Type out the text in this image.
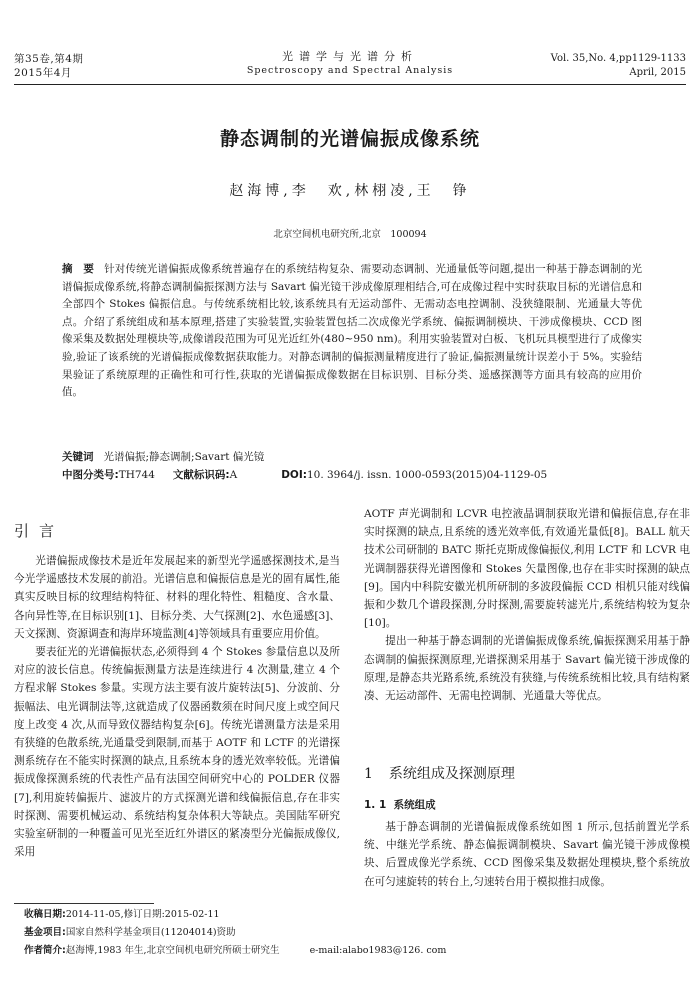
第35卷,第4期
2015年4月
光谱学与光谱分析
Spectroscopy and Spectral Analysis
Vol. 35,No. 4,pp1129-1133
April, 2015
静态调制的光谱偏振成像系统
赵海博,李　欢,林栩凌,王　铮
北京空间机电研究所,北京　100094
摘　要 针对传统光谱偏振成像系统普遍存在的系统结构复杂、需要动态调制、光通量低等问题,提出一种基于静态调制的光谱偏振成像系统,将静态调制偏振探测方法与 Savart 偏光镜干涉成像原理相结合,可在成像过程中实时获取目标的光谱信息和全部四个 Stokes 偏振信息。与传统系统相比较,该系统具有无运动部件、无需动态电控调制、没狭缝限制、光通量大等优点。介绍了系统组成和基本原理,搭建了实验装置,实验装置包括二次成像光学系统、偏振调制模块、干涉成像模块、CCD 图像采集及数据处理模块等,成像谱段范围为可见光近红外(480~950 nm)。利用实验装置对白板、飞机玩具模型进行了成像实验,验证了该系统的光谱偏振成像数据获取能力。对静态调制的偏振测量精度进行了验证,偏振测量统计误差小于 5%。实验结果验证了系统原理的正确性和可行性,获取的光谱偏振成像数据在目标识别、目标分类、遥感探测等方面具有较高的应用价值。
关键词 光谱偏振;静态调制;Savart 偏光镜
中图分类号:TH744 文献标识码:A	DOI:10. 3964/j. issn. 1000-0593(2015)04-1129-05
引言

光谱偏振成像技术是近年发展起来的新型光学遥感探测技术,是当今光学遥感技术发展的前沿。光谱信息和偏振信息是光的固有属性,能真实反映目标的纹理结构特征、材料的理化特性、粗糙度、含水量、各向异性等,在目标识别[1]、目标分类、大气探测[2]、水色遥感[3]、天文探测、资源调查和海岸环境监测[4]等领域具有重要应用价值。

要表征光的光谱偏振状态,必须得到 4 个 Stokes 参量信息以及所对应的波长信息。传统偏振测量方法是连续进行 4 次测量,建立 4 个方程求解 Stokes 参量。实现方法主要有波片旋转法[5]、分波前、分振幅法、电光调制法等,这就造成了仪器函数须在时间尺度上或空间尺度上改变 4 次,从而导致仪器结构复杂[6]。传统光谱测量方法是采用有狭缝的色散系统,光通量受到限制,而基于 AOTF 和 LCTF 的光谱探测系统存在不能实时探测的缺点,且系统本身的透光效率较低。光谱偏振成像探测系统的代表性产品有法国空间研究中心的 POLDER 仪器[7],利用旋转偏振片、滤波片的方式探测光谱和线偏振信息,存在非实时探测、需要机械运动、系统结构复杂体积大等缺点。美国陆军研究实验室研制的一种覆盖可见光至近红外谱区的紧凑型分光偏振成像仪,采用

AOTF 声光调制和 LCVR 电控液晶调制获取光谱和偏振信息,存在非实时探测的缺点,且系统的透光效率低,有效通光量低[8]。BALL 航天技术公司研制的 BATC 斯托克斯成像偏振仪,利用 LCTF 和 LCVR 电光调制器获得光谱图像和 Stokes 矢量图像,也存在非实时探测的缺点[9]。国内中科院安徽光机所研制的多波段偏振 CCD 相机只能对线偏振和少数几个谱段探测,分时探测,需要旋转滤光片,系统结构较为复杂[10]。

提出一种基于静态调制的光谱偏振成像系统,偏振探测采用基于静态调制的偏振探测原理,光谱探测采用基于 Savart 偏光镜干涉成像的原理,是静态共光路系统,系统没有狭缝,与传统系统相比较,具有结构紧凑、无运动部件、无需电控调制、光通量大等优点。

1 系统组成及探测原理
1. 1 系统组成

基于静态调制的光谱偏振成像系统如图 1 所示,包括前置光学系统、中继光学系统、静态偏振调制模块、Savart 偏光镜干涉成像模块、后置成像光学系统、CCD 图像采集及数据处理模块,整个系统放在可匀速旋转的转台上,匀速转台用于模拟推扫成像。

收稿日期:2014-11-05,修订日期:2015-02-11
基金项目:国家自然科学基金项目(11204014)资助
作者简介:赵海博,1983 年生,北京空间机电研究所硕士研究生	e-mail:alabo1983@126. com
